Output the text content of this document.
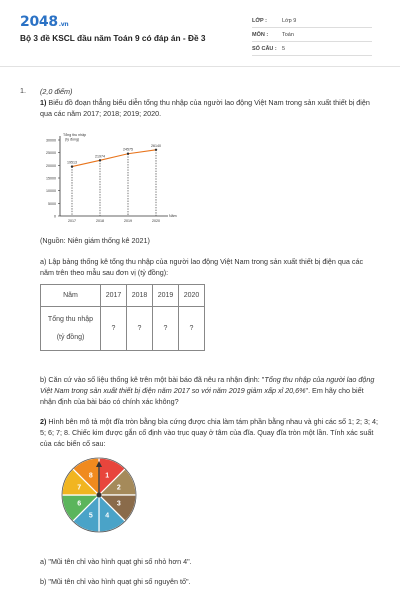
2048.vn
Bộ 3 đề KSCL đầu năm Toán 9 có đáp án - Đề 3
LỚP :	Lớp 9
MÔN :	Toán
SỐ CÂU : 5
1. (2,0 điểm)
1) Biểu đồ đoạn thẳng biểu diễn tổng thu nhập của người lao động Việt Nam trong sản xuất thiết bị điện qua các năm 2017; 2018; 2019; 2020.
0
5000
10000
15000
20000
25000
30000
Tổng thu nhập
(tỷ đồng)
Năm
2017
19513
2018
21974
2019
24575
2020
26140
(Nguồn: Niên giám thống kê 2021)
a) Lập bảng thống kê tổng thu nhập của người lao động Việt Nam trong sản xuất thiết bị điện qua các năm trên theo mẫu sau đơn vị (tỷ đồng):
Năm	2017	2018	2019	2020

Tổng thu nhập
(tỷ đồng)	?	?	?	?
b) Căn cứ vào số liệu thống kê trên một bài báo đã nêu ra nhận định: "Tổng thu nhập của người lao động Việt Nam trong sản xuất thiết bị điện năm 2017 so với năm 2019 giảm xấp xỉ 20,6%". Em hãy cho biết nhận định của bài báo có chính xác không?
2) Hình bên mô tả một đĩa tròn bằng bìa cứng được chia làm tám phần bằng nhau và ghi các số 1; 2; 3; 4; 5; 6; 7; 8. Chiếc kim được gắn cố định vào trục quay ở tâm của đĩa. Quay đĩa tròn một lần. Tính xác suất của các biến cố sau:
1
2
3
4
5
6
7
8
a) "Mũi tên chỉ vào hình quạt ghi số nhỏ hơn 4".
b) "Mũi tên chỉ vào hình quạt ghi số nguyên tố".
